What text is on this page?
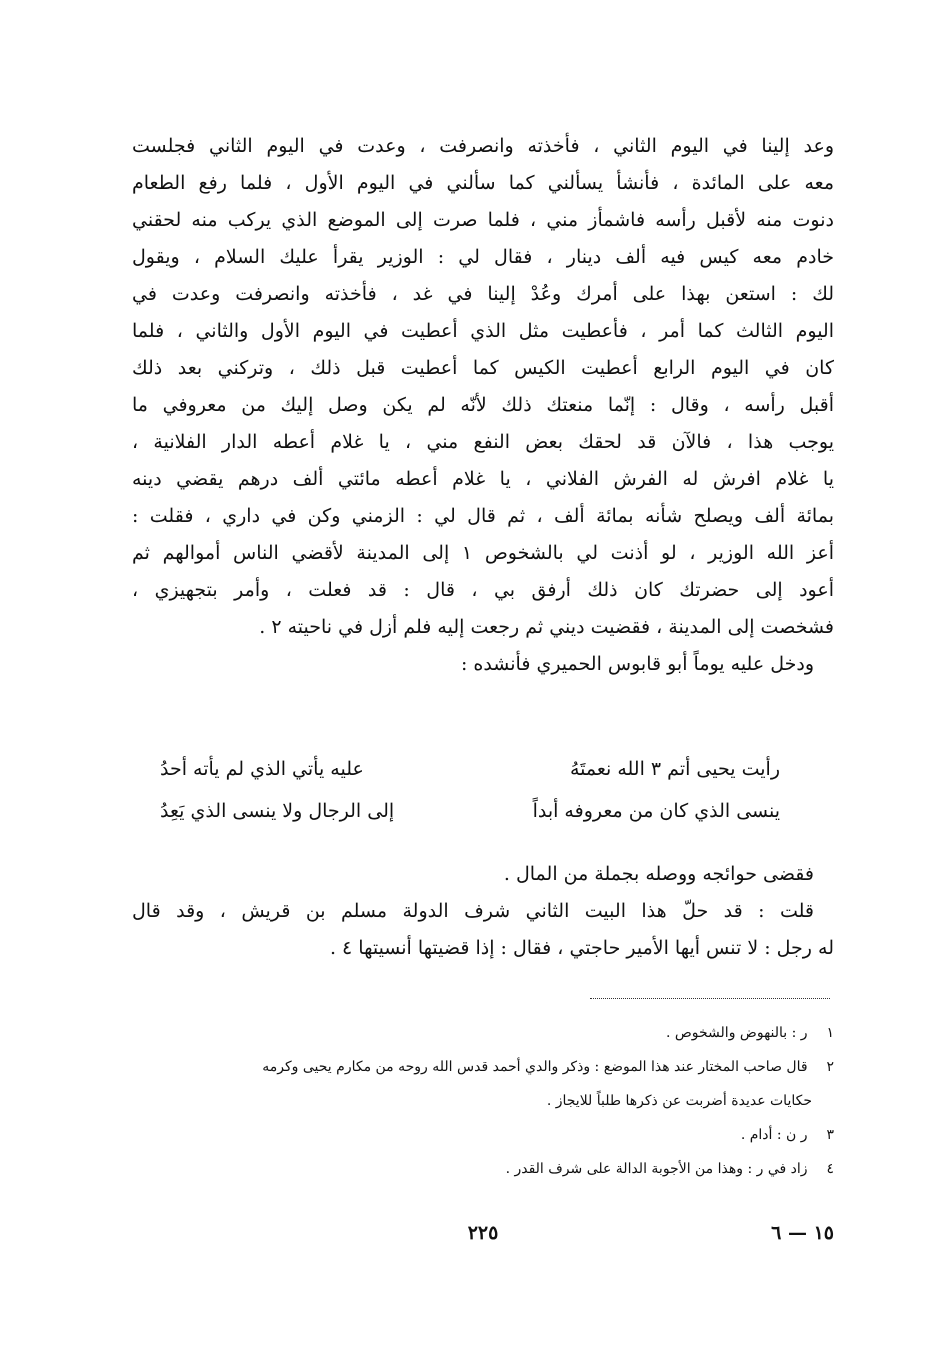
وعد إلينا في اليوم الثاني ، فأخذته وانصرفت ، وعدت في اليوم الثاني فجلست
معه على المائدة ، فأنشأ يسألني كما سألني في اليوم الأول ، فلما رفع الطعام
دنوت منه لأقبل رأسه فاشمأز مني ، فلما صرت إلى الموضع الذي يركب منه لحقني
خادم معه كيس فيه ألف دينار ، فقال لي : الوزير يقرأ عليك السلام ، ويقول
لك : استعن بهذا على أمرك وعُدْ إلينا في غد ، فأخذته وانصرفت وعدت في
اليوم الثالث كما أمر ، فأعطيت مثل الذي أعطيت في اليوم الأول والثاني ، فلما
كان في اليوم الرابع أعطيت الكيس كما أعطيت قبل ذلك ، وتركني بعد ذلك
أقبل رأسه ، وقال : إنّما منعتك ذلك لأنّه لم يكن وصل إليك من معروفي ما
يوجب هذا ، فالآن قد لحقك بعض النفع مني ، يا غلام أعطه الدار الفلانية ،
يا غلام افرش له الفرش الفلاني ، يا غلام أعطه مائتي ألف درهم يقضي دينه
بمائة ألف ويصلح شأنه بمائة ألف ، ثم قال لي : الزمني وكن في داري ، فقلت :
أعز الله الوزير ، لو أذنت لي بالشخوص ١ إلى المدينة لأقضي الناس أموالهم ثم
أعود إلى حضرتك كان ذلك أرفق بي ، قال : قد فعلت ، وأمر بتجهيزي ،
فشخصت إلى المدينة ، فقضيت ديني ثم رجعت إليه فلم أزل في ناحيته ٢ .
ودخل عليه يوماً أبو قابوس الحميري فأنشده :
رأيت يحيى أتم ٣ الله نعمتَهُ
عليه يأتي الذي لم يأته أحدُ
ينسى الذي كان من معروفه أبداً
إلى الرجال ولا ينسى الذي يَعِدُ
فقضى حوائجه ووصله بجملة من المال .
قلت : قد حلّ هذا البيت الثاني شرف الدولة مسلم بن قريش ، وقد قال
له رجل : لا تنس أيها الأمير حاجتي ، فقال : إذا قضيتها أنسيتها ٤ .
١ ر : بالنهوض والشخوص .
٢ قال صاحب المختار عند هذا الموضع : وذكر والدي أحمد قدس الله روحه من مكارم يحيى وكرمه
حكايات عديدة أضربت عن ذكرها طلباً للايجاز .
٣ ر ن : أدام .
٤ زاد في ر : وهذا من الأجوبة الدالة على شرف القدر .
١٥ — ٦
٢٢٥
